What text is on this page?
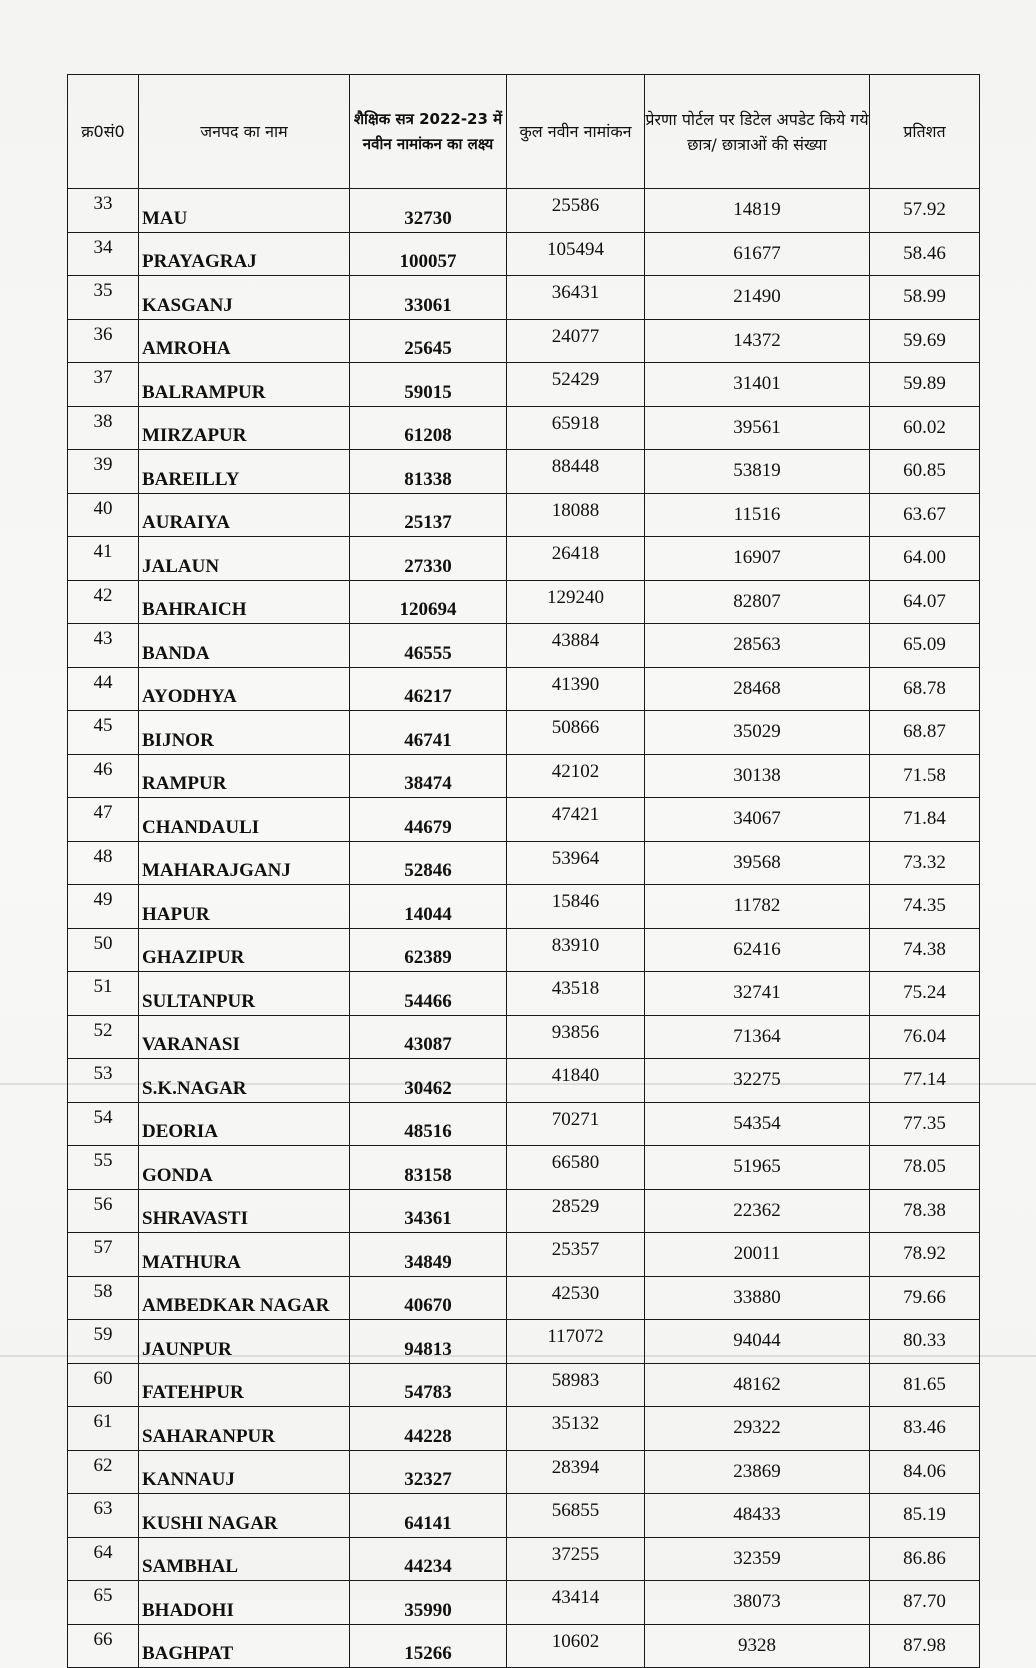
क्र0सं0	जनपद का नाम	शैक्षिक सत्र 2022-23 में नवीन नामांकन का लक्ष्य	कुल नवीन नामांकन	प्रेरणा पोर्टल पर डिटेल अपडेट किये गये छात्र/ छात्राओं की संख्या	प्रतिशत
33	MAU	32730	25586	14819	57.92
34	PRAYAGRAJ	100057	105494	61677	58.46
35	KASGANJ	33061	36431	21490	58.99
36	AMROHA	25645	24077	14372	59.69
37	BALRAMPUR	59015	52429	31401	59.89
38	MIRZAPUR	61208	65918	39561	60.02
39	BAREILLY	81338	88448	53819	60.85
40	AURAIYA	25137	18088	11516	63.67
41	JALAUN	27330	26418	16907	64.00
42	BAHRAICH	120694	129240	82807	64.07
43	BANDA	46555	43884	28563	65.09
44	AYODHYA	46217	41390	28468	68.78
45	BIJNOR	46741	50866	35029	68.87
46	RAMPUR	38474	42102	30138	71.58
47	CHANDAULI	44679	47421	34067	71.84
48	MAHARAJGANJ	52846	53964	39568	73.32
49	HAPUR	14044	15846	11782	74.35
50	GHAZIPUR	62389	83910	62416	74.38
51	SULTANPUR	54466	43518	32741	75.24
52	VARANASI	43087	93856	71364	76.04
53	S.K.NAGAR	30462	41840	32275	77.14
54	DEORIA	48516	70271	54354	77.35
55	GONDA	83158	66580	51965	78.05
56	SHRAVASTI	34361	28529	22362	78.38
57	MATHURA	34849	25357	20011	78.92
58	AMBEDKAR NAGAR	40670	42530	33880	79.66
59	JAUNPUR	94813	117072	94044	80.33
60	FATEHPUR	54783	58983	48162	81.65
61	SAHARANPUR	44228	35132	29322	83.46
62	KANNAUJ	32327	28394	23869	84.06
63	KUSHI NAGAR	64141	56855	48433	85.19
64	SAMBHAL	44234	37255	32359	86.86
65	BHADOHI	35990	43414	38073	87.70
66	BAGHPAT	15266	10602	9328	87.98
